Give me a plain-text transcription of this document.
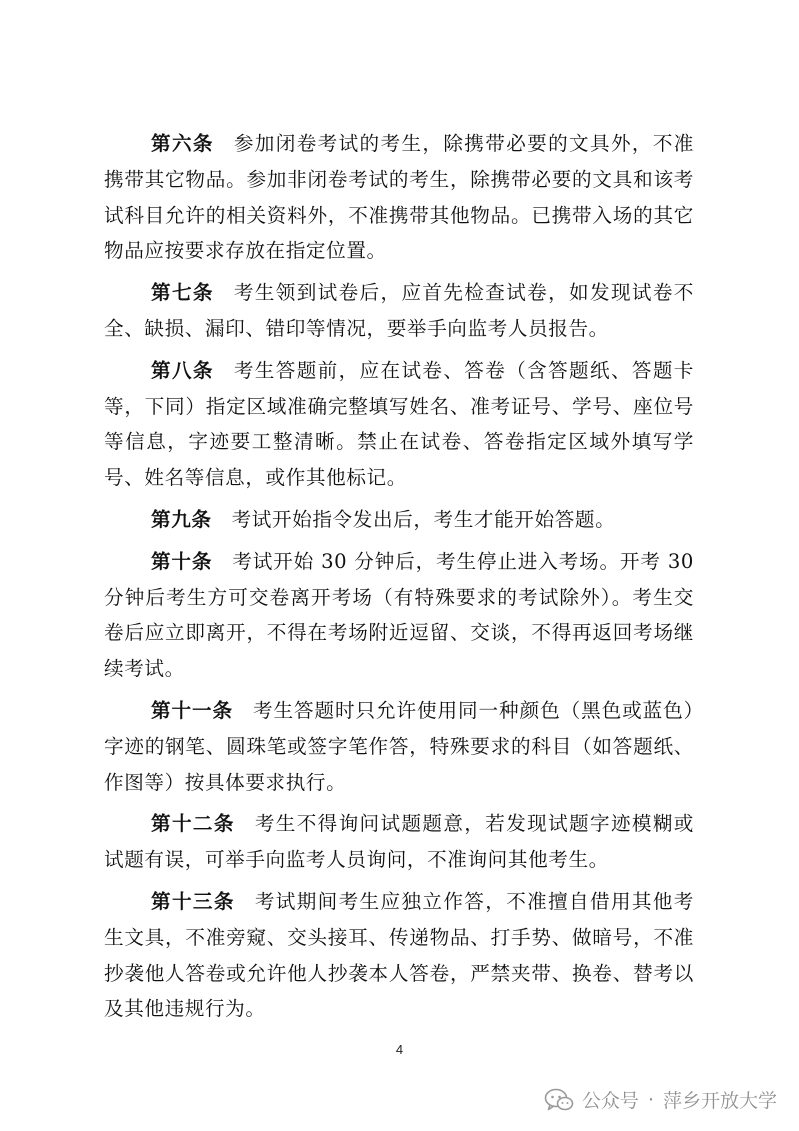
第六条 参加闭卷考试的考生，除携带必要的文具外，不准携带其它物品。参加非闭卷考试的考生，除携带必要的文具和该考试科目允许的相关资料外，不准携带其他物品。已携带入场的其它物品应按要求存放在指定位置。

第七条 考生领到试卷后，应首先检查试卷，如发现试卷不全、缺损、漏印、错印等情况，要举手向监考人员报告。

第八条 考生答题前，应在试卷、答卷（含答题纸、答题卡等，下同）指定区域准确完整填写姓名、准考证号、学号、座位号等信息，字迹要工整清晰。禁止在试卷、答卷指定区域外填写学号、姓名等信息，或作其他标记。

第九条 考试开始指令发出后，考生才能开始答题。

第十条 考试开始 30 分钟后，考生停止进入考场。开考 30 分钟后考生方可交卷离开考场（有特殊要求的考试除外）。考生交卷后应立即离开，不得在考场附近逗留、交谈，不得再返回考场继续考试。

第十一条 考生答题时只允许使用同一种颜色（黑色或蓝色）字迹的钢笔、圆珠笔或签字笔作答，特殊要求的科目（如答题纸、作图等）按具体要求执行。

第十二条 考生不得询问试题题意，若发现试题字迹模糊或试题有误，可举手向监考人员询问，不准询问其他考生。

第十三条 考试期间考生应独立作答，不准擅自借用其他考生文具，不准旁窥、交头接耳、传递物品、打手势、做暗号，不准抄袭他人答卷或允许他人抄袭本人答卷，严禁夹带、换卷、替考以及其他违规行为。

4
公众号 · 萍乡开放大学
